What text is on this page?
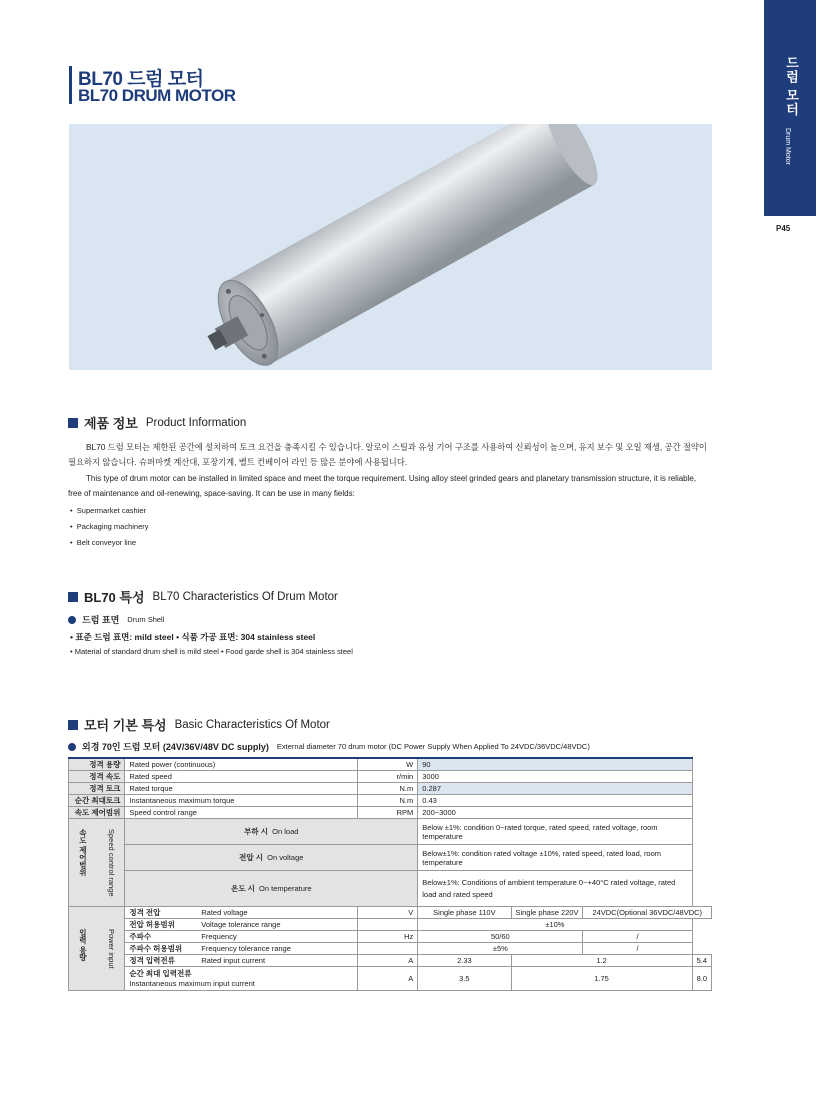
드럼 모터
Drum Motor
P45
BL70 드럼 모터
BL70 DRUM MOTOR
제품 정보 Product Information
BL70 드럼 모터는 제한된 공간에 설치하여 토크 요건을 충족시킬 수 있습니다. 알로이 스틸과 유성 기어 구조를 사용하여 신뢰성이 높으며, 유지 보수 및 오일 재생, 공간 절약이 필요하지 않습니다. 슈퍼마켓 계산대, 포장기계, 벨트 컨베이어 라인 등 많은 분야에 사용됩니다.
This type of drum motor can be installed in limited space and meet the torque requirement. Using alloy steel grinded gears and planetary transmission structure, it is reliable, free of maintenance and oil-renewing, space-saving. It can be use in many fields:
•  Supermarket cashier
•  Packaging machinery
•  Belt conveyor line
BL70 특성 BL70 Characteristics Of Drum Motor
드럼 표면 Drum Shell
• 표준 드럼 표면: mild steel • 식품 가공 표면: 304 stainless steel
• Material of standard drum shell is mild steel • Food garde shell is 304 stainless steel
모터 기본 특성 Basic Characteristics Of Motor
외경 70인 드럼 모터 (24V/36V/48V DC supply) External diameter 70 drum motor (DC Power Supply When Applied To 24VDC/36VDC/48VDC)
정격 용량	Rated power (continuous)		W	90			
정격 속도	Rated speed		r/min	3000			
정격 토크	Rated torque		N.m	0.287			
순간 최대토크	Instantaneous maximum torque		N.m	0.43			
속도 제어범위	Speed control range		RPM	200~3000			

속도 제어범위 Speed control range	부하 시 On load			Below ±1%: condition 0~rated torque, rated speed, rated voltage, room temperature			
	전압 시 On voltage			Below±1%: condition rated voltage ±10%, rated speed, rated load, room temperature			
	온도 시 On temperature			Below±1%: Conditions of ambient temperature 0~+40°C rated voltage, rated load and rated speed			

입력 용량 Power input	정격 전압	Rated voltage	V	Single phase 110V	Single phase 220V	24VDC(Optional 36VDC/48VDC)	
	전압 허용범위	Voltage tolerance range		±10%			
	주파수	Frequency	Hz	50/60		/	
	주파수 허용범위	Frequency tolerance range		±5%		/	
	정격 입력전류	Rated input current	A	2.33	1.2		5.4
	순간 최대 입력전류
Instantaneous maximum input current		A	3.5	1.75		8.0
